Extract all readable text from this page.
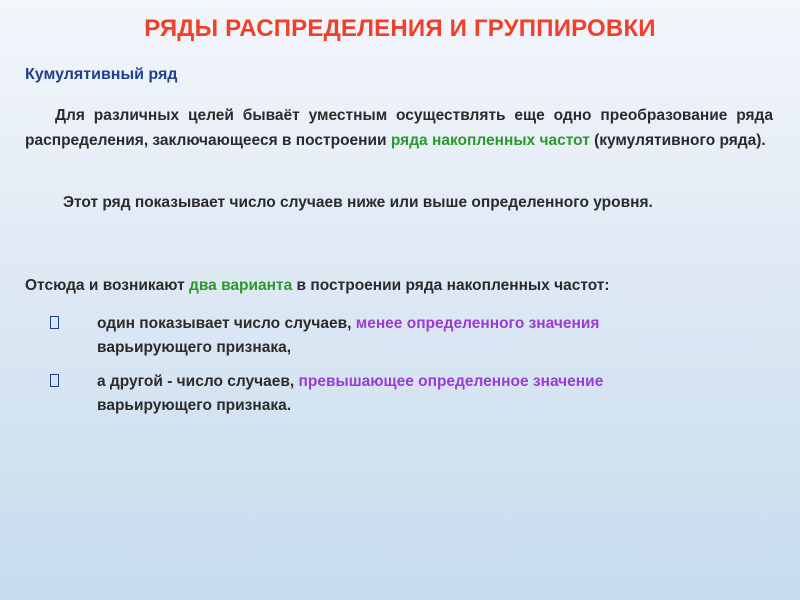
РЯДЫ РАСПРЕДЕЛЕНИЯ И ГРУППИРОВКИ
Кумулятивный ряд
Для различных целей бываёт уместным осуществлять еще одно преобразование ряда распределения, заключающееся в построении ряда накопленных частот (кумулятивного ряда).
Этот ряд показывает число случаев ниже или выше определенного уровня.
Отсюда и возникают два варианта в построении ряда накопленных частот:
один показывает число случаев, менее определенного значения варьирующего признака,
а другой - число случаев, превышающее определенное значение варьирующего признака.
